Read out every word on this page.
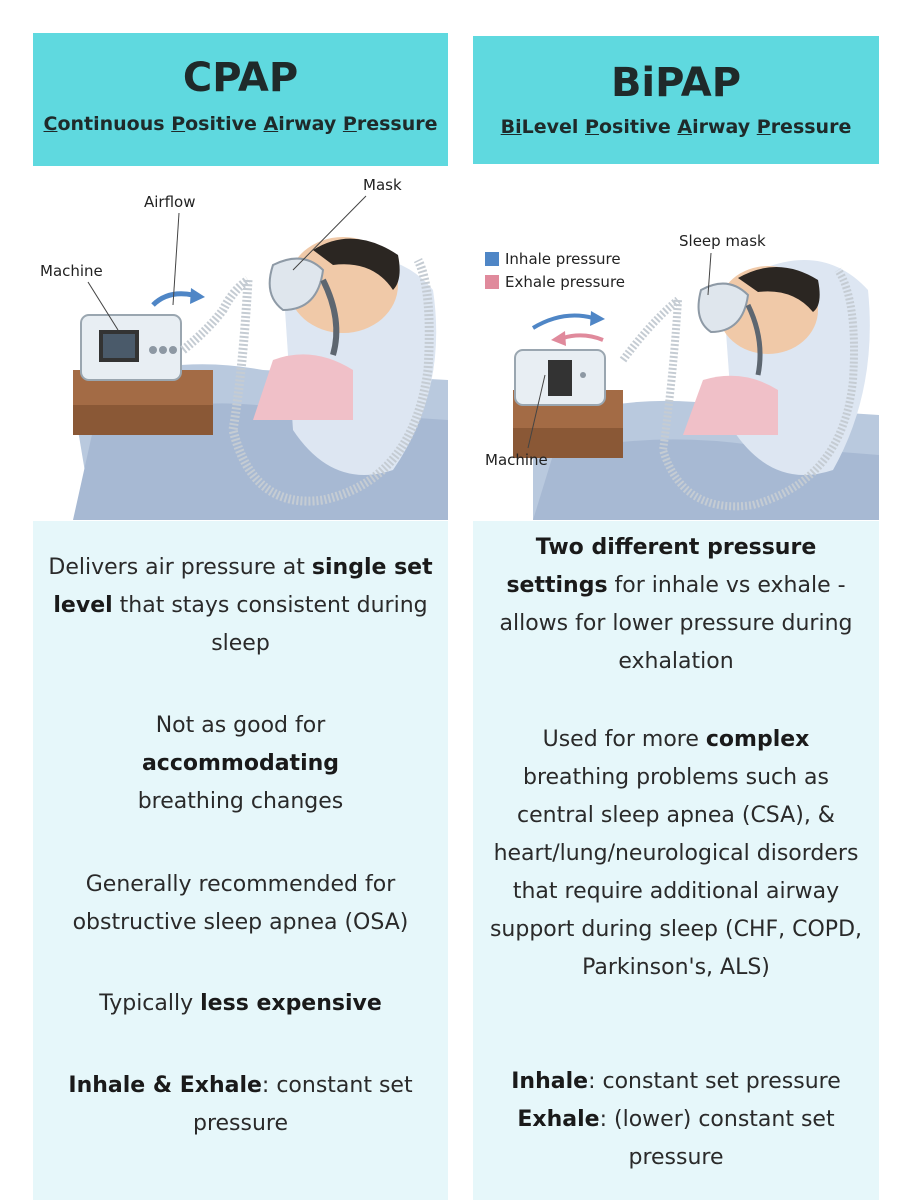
CPAP
Continuous Positive Airway Pressure
BiPAP
BiLevel Positive Airway Pressure
Machine
Airflow
Mask
Sleep mask
Machine
Inhale pressure
Exhale pressure

Delivers air pressure at single set level that stays consistent during sleep

Not as good for accommodating breathing changes

Generally recommended for obstructive sleep apnea (OSA)

Typically less expensive

Inhale & Exhale: constant set pressure

Two different pressure settings for inhale vs exhale - allows for lower pressure during exhalation

Used for more complex breathing problems such as central sleep apnea (CSA), & heart/lung/neurological disorders that require additional airway support during sleep (CHF, COPD, Parkinson's, ALS)

Inhale: constant set pressure
Exhale: (lower) constant set pressure
